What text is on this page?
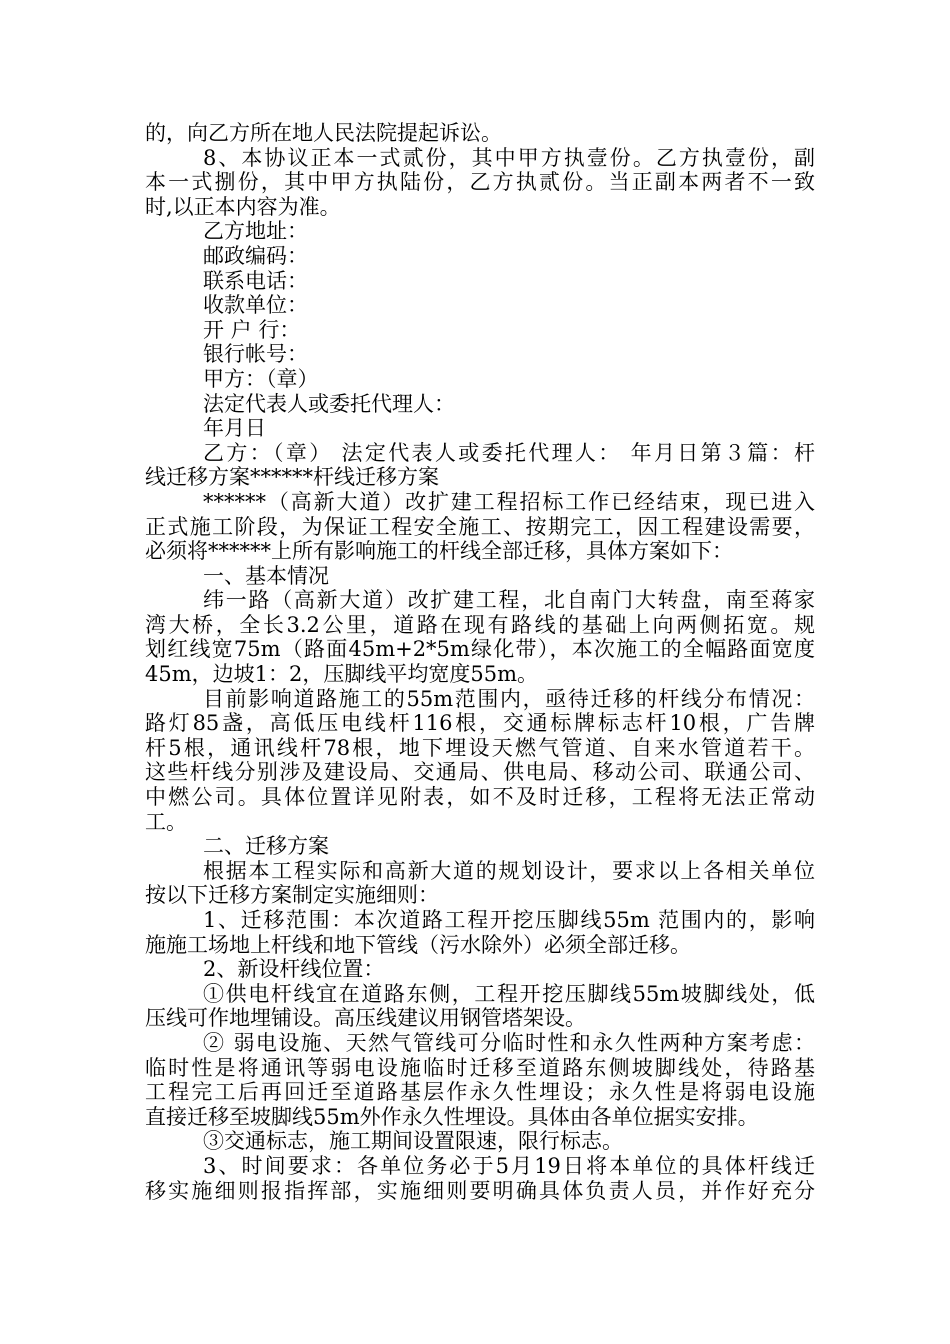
的，向乙方所在地人民法院提起诉讼。
8、本协议正本一式贰份，其中甲方执壹份。乙方执壹份，副
本一式捌份，其中甲方执陆份，乙方执贰份。当正副本两者不一致
时,以正本内容为准。
乙方地址：
邮政编码：
联系电话：
收款单位：
开 户 行：
银行帐号：
甲方：（章）
法定代表人或委托代理人：
年月日
乙方：（章） 法定代表人或委托代理人： 年月日第３篇：杆
线迁移方案******杆线迁移方案
******（高新大道）改扩建工程招标工作已经结束，现已进入
正式施工阶段，为保证工程安全施工、按期完工，因工程建设需要，
必须将******上所有影响施工的杆线全部迁移，具体方案如下：
一、基本情况
纬一路（高新大道）改扩建工程，北自南门大转盘，南至蒋家
湾大桥，全长3.2公里，道路在现有路线的基础上向两侧拓宽。规
划红线宽75m（路面45m+2*5m绿化带），本次施工的全幅路面宽度
45m，边坡1：2，压脚线平均宽度55m。
目前影响道路施工的55m范围内，亟待迁移的杆线分布情况：
路灯85盏，高低压电线杆116根，交通标牌标志杆10根，广告牌
杆5根，通讯线杆78根，地下埋设天燃气管道、自来水管道若干。
这些杆线分别涉及建设局、交通局、供电局、移动公司、联通公司、
中燃公司。具体位置详见附表，如不及时迁移，工程将无法正常动
工。
二、迁移方案
根据本工程实际和高新大道的规划设计，要求以上各相关单位
按以下迁移方案制定实施细则：
1、迁移范围：本次道路工程开挖压脚线55m 范围内的，影响
施施工场地上杆线和地下管线（污水除外）必须全部迁移。
2、新设杆线位置：
①供电杆线宜在道路东侧，工程开挖压脚线55m坡脚线处，低
压线可作地埋铺设。高压线建议用钢管塔架设。
② 弱电设施、天然气管线可分临时性和永久性两种方案考虑：
临时性是将通讯等弱电设施临时迁移至道路东侧坡脚线处，待路基
工程完工后再回迁至道路基层作永久性埋设；永久性是将弱电设施
直接迁移至坡脚线55m外作永久性埋设。具体由各单位据实安排。
③交通标志，施工期间设置限速，限行标志。
3、时间要求：各单位务必于5月19日将本单位的具体杆线迁
移实施细则报指挥部，实施细则要明确具体负责人员，并作好充分
